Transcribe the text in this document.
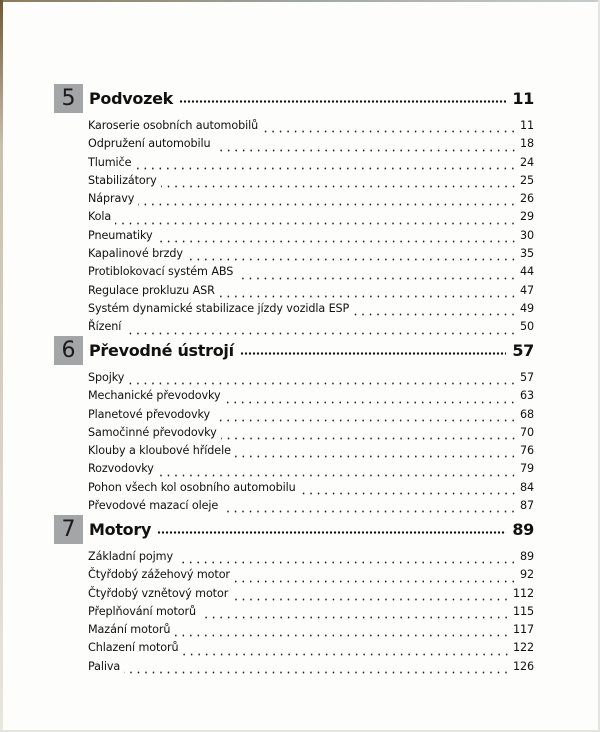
5 Podvozek	11
Karoserie osobních automobilů	11
Odpružení automobilu	18
Tlumiče	24
Stabilizátory	25
Nápravy	26
Kola	29
Pneumatiky	30
Kapalinové brzdy	35
Protiblokovací systém ABS	44
Regulace prokluzu ASR	47
Systém dynamické stabilizace jízdy vozidla ESP	49
Řízení	50
6 Převodné ústrojí	57
Spojky	57
Mechanické převodovky	63
Planetové převodovky	68
Samočinné převodovky	70
Klouby a kloubové hřídele	76
Rozvodovky	79
Pohon všech kol osobního automobilu	84
Převodové mazací oleje	87
7 Motory	89
Základní pojmy	89
Čtyřdobý zážehový motor	92
Čtyřdobý vznětový motor	112
Přeplňování motorů	115
Mazání motorů	117
Chlazení motorů	122
Paliva	126
